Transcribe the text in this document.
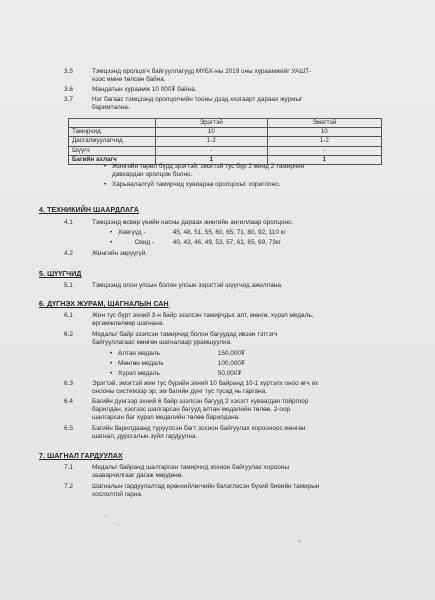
3.5	Тэмцээнд оролцогч байгууллагууд МҮБХ-ны 2019 оны хураамжийг УАШТ-
нээс өмнө төлсөн байна.
3.6	Мандатын хураамж 10 000₮ байна.
3.7	Нэг багаас тэмцээнд оролцогчийн тооны дээд хязгаарт дараах журмыг
баримтална.
	Эрэгтэй	Эмэгтэй
Тамирчид	10	10
Дасгалжуулагчид	1-2	1-2
Шүүгч	-	-
Багийн ахлагч	1	1
• Жингийн төрөл бүрд эрэгтэй, эмэгтэй тус бүр 2 жинд 2 тамирчин
давхардан оролцож болно.
• Харьяалалгүй тамирчид хувиараа оролцохыг хориглоно.
4. ТЕХНИКИЙН ШААРДЛАГА
4.1	Тэмцээнд өсвөр үеийн насны дараах жингийн ангиллаар оролцоно.
• Хөвгүүд -	45, 48, 51, 55, 60, 65, 71, 80, 92, 110 кг
• Охид -	40, 43, 46, 49, 53, 57, 61, 65, 69, 73кг
4.2	Жингийн зөрүүгүй.
5. ШҮҮГЧИД
5.1	Тэмцээнд олон улсын болон улсын зэрэгтэй шүүгчид ажиллана.
6. ДҮГНЭХ ЖУРАМ, ШАГНАЛЫН САН
6.1	Жин тус бүрт эхний 3-н байр эзэлсэн тамирчдыг алт, мөнгө, хүрэл медаль,
өргөмжлөлөөр шагнана.
6.2	Медальт байр эзэлсэн тамирчид болон багуудад ивээн тэтгэгч
байгууллагаас мөнгөн шагналаар урамшуулна.
• Алтан медаль	150,000₮
• Мөнгөн медаль	100,000₮
• Хүрэл медаль	50,000₮
6.3	Эрэгтэй, эмэгтэй жин тус бүрийн эхний 10 байранд 10-1 хүртэлх оноо өгч их
онооны системээр эр, эм багийн дүнг тус тусад нь гаргана.
6.4	Багийн дүнгээр эхний 6 байр эзэлсэн багууд 2 хэсэгт хуваагдан тойргоор
барилдан, хэсгээс шалгарсан багууд алтан медалийн төлөө, 2-оор
шалгарсан баг хүрэл медалийн төлөө барилдана.
6.5	Багийн барилдаанд түрүүлсэн багт зохион байгуулах хорооноос мөнгөн
шагнал, дурсгалын зүйл гардуулна.
7. ШАГНАЛ ГАРДУУЛАХ
7.1	Медальт байранд шалгарсан тамирчид зохион байгуулах хорооны
зааварчилгааг дагаж мөрдөнө.
7.2	Шагналын гардуулалтад ерөнхийлөгчийн бэлэглэсэн бүхий биеийн тамирын
хослолтой гарна.
ˎ
·
⸗·
